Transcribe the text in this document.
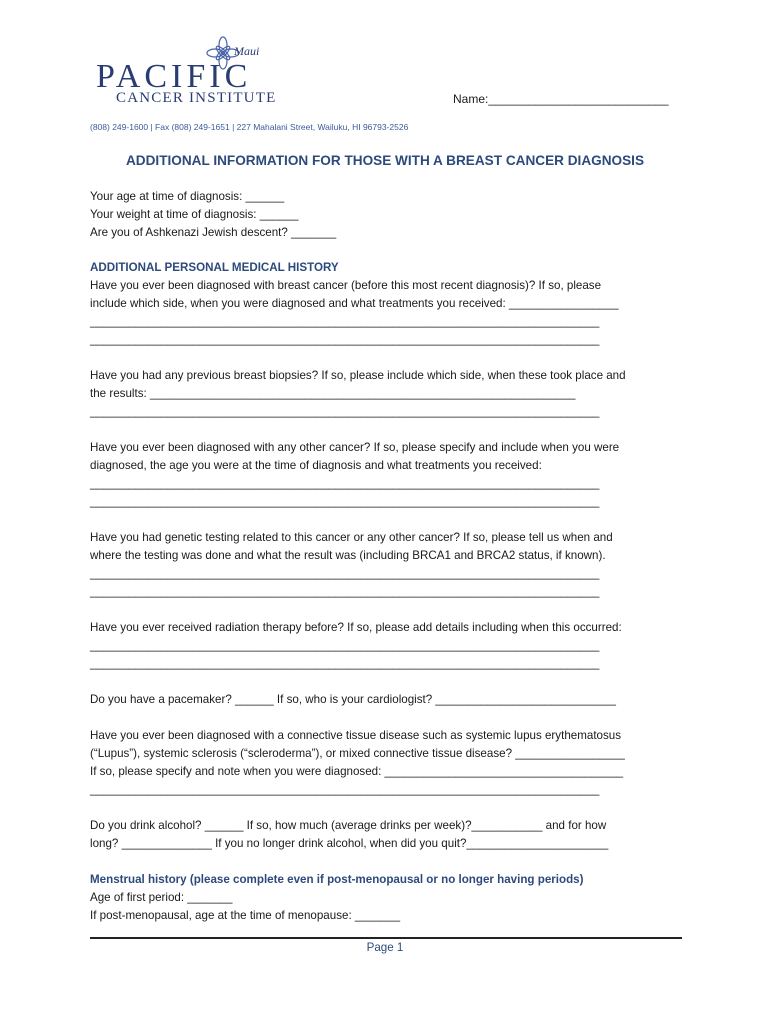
Maui
PACIFIC
CANCER INSTITUTE	Name:___________________________
(808) 249-1600 | Fax (808) 249-1651 | 227 Mahalani Street, Wailuku, HI 96793-2526
ADDITIONAL INFORMATION FOR THOSE WITH A BREAST CANCER DIAGNOSIS

Your age at time of diagnosis: ______

Your weight at time of diagnosis: ______

Are you of Ashkenazi Jewish descent? _______

ADDITIONAL PERSONAL MEDICAL HISTORY

Have you ever been diagnosed with breast cancer (before this most recent diagnosis)? If so, please

include which side, when you were diagnosed and what treatments you received: _________________

_______________________________________________________________________________

_______________________________________________________________________________

Have you had any previous breast biopsies? If so, please include which side, when these took place and

the results: __________________________________________________________________

_______________________________________________________________________________

Have you ever been diagnosed with any other cancer? If so, please specify and include when you were

diagnosed, the age you were at the time of diagnosis and what treatments you received:

_______________________________________________________________________________

_______________________________________________________________________________

Have you had genetic testing related to this cancer or any other cancer? If so, please tell us when and

where the testing was done and what the result was (including BRCA1 and BRCA2 status, if known).

_______________________________________________________________________________

_______________________________________________________________________________

Have you ever received radiation therapy before? If so, please add details including when this occurred:

_______________________________________________________________________________

_______________________________________________________________________________

Do you have a pacemaker? ______ If so, who is your cardiologist? ____________________________

Have you ever been diagnosed with a connective tissue disease such as systemic lupus erythematosus

(“Lupus”), systemic sclerosis (“scleroderma”), or mixed connective tissue disease? _________________

If so, please specify and note when you were diagnosed: _____________________________________

_______________________________________________________________________________

Do you drink alcohol? ______ If so, how much (average drinks per week)?___________ and for how

long? ______________ If you no longer drink alcohol, when did you quit?______________________

Menstrual history (please complete even if post-menopausal or no longer having periods)

Age of first period: _______

If post-menopausal, age at the time of menopause: _______

Page 1
